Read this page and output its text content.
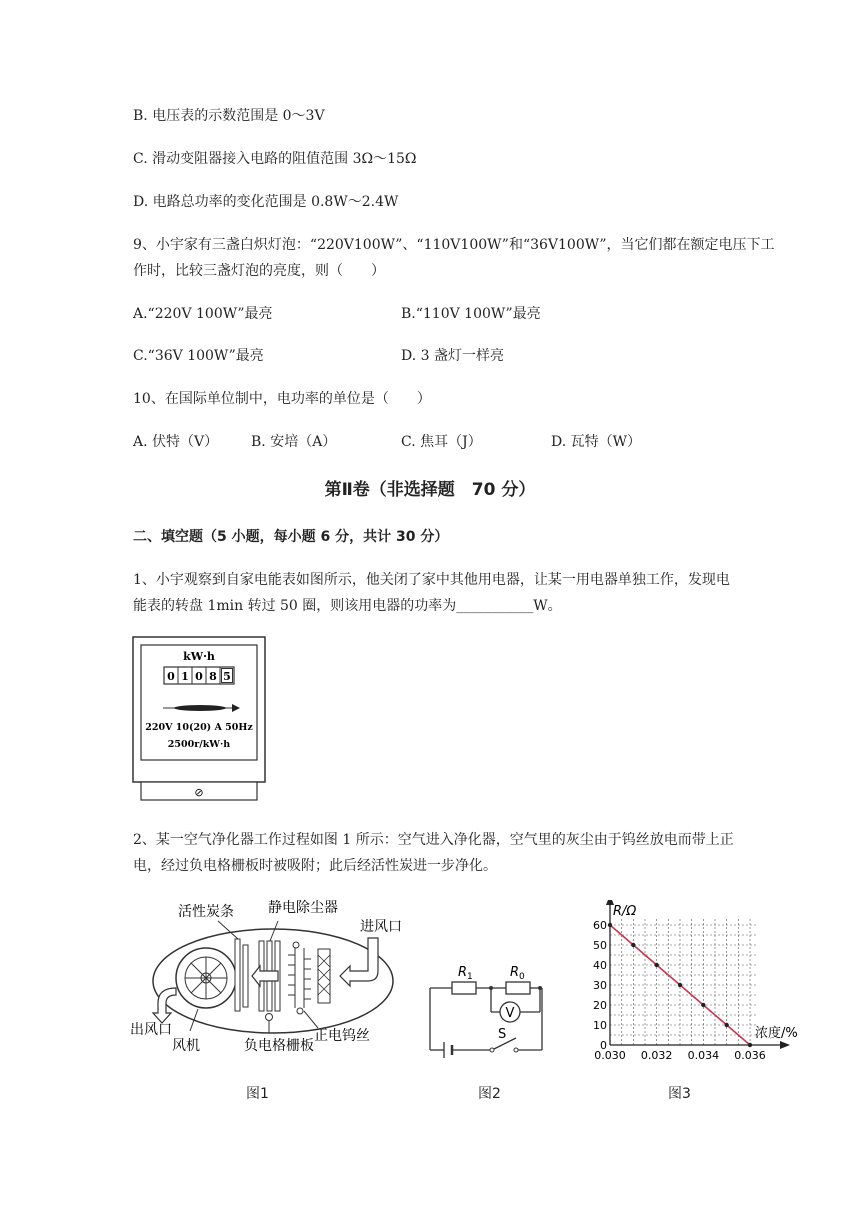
B. 电压表的示数范围是 0～3V
C. 滑动变阻器接入电路的阻值范围 3Ω～15Ω
D. 电路总功率的变化范围是 0.8W～2.4W
9、小宇家有三盏白炽灯泡：“220V100W”、“110V100W”和“36V100W”，当它们都在额定电压下工
作时，比较三盏灯泡的亮度，则（　　）
A.“220V 100W”最亮	B.“110V 100W”最亮
C.“36V 100W”最亮	D. 3 盏灯一样亮
10、在国际单位制中，电功率的单位是（　　）
A. 伏特（V） B. 安培（A）	C. 焦耳（J）	D. 瓦特（W）
第Ⅱ卷（非选择题　70 分）
二、填空题（5 小题，每小题 6 分，共计 30 分）
1、小宇观察到自家电能表如图所示，他关闭了家中其他用电器，让某一用电器单独工作，发现电
能表的转盘 1min 转过 50 圈，则该用电器的功率为___________W。
kW·h
0 1 0 8 5
220V 10(20) A 50Hz
2500r/kW·h
⊘
2、某一空气净化器工作过程如图 1 所示：空气进入净化器，空气里的灰尘由于钨丝放电而带上正
电，经过负电格栅板时被吸附；此后经活性炭进一步净化。
活性炭条 静电除尘器
进风口
出风口
风机
正电钨丝
负电格栅板
V
$R_1$	$R_0$
S
60
50
40
30
20
10
0
0.030 0.032 0.034 0.036
R/Ω
浓度/%
图1	图2	图3
